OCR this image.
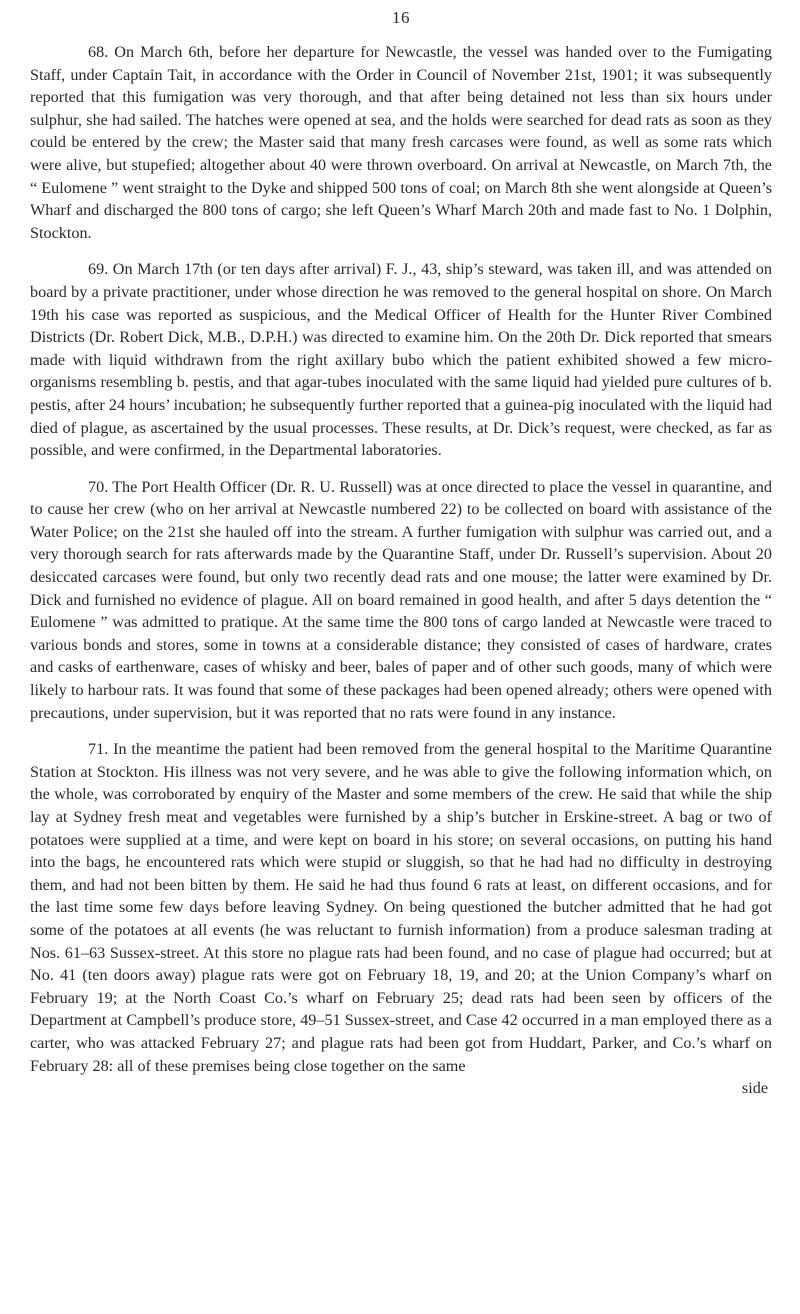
16

68. On March 6th, before her departure for Newcastle, the vessel was handed over to the Fumigating Staff, under Captain Tait, in accordance with the Order in Council of November 21st, 1901; it was subsequently reported that this fumigation was very thorough, and that after being detained not less than six hours under sulphur, she had sailed. The hatches were opened at sea, and the holds were searched for dead rats as soon as they could be entered by the crew; the Master said that many fresh carcases were found, as well as some rats which were alive, but stupefied; altogether about 40 were thrown overboard. On arrival at Newcastle, on March 7th, the “ Eulomene ” went straight to the Dyke and shipped 500 tons of coal; on March 8th she went alongside at Queen’s Wharf and discharged the 800 tons of cargo; she left Queen’s Wharf March 20th and made fast to No. 1 Dolphin, Stockton.

69. On March 17th (or ten days after arrival) F. J., 43, ship’s steward, was taken ill, and was attended on board by a private practitioner, under whose direction he was removed to the general hospital on shore. On March 19th his case was reported as suspicious, and the Medical Officer of Health for the Hunter River Combined Districts (Dr. Robert Dick, M.B., D.P.H.) was directed to examine him. On the 20th Dr. Dick reported that smears made with liquid withdrawn from the right axillary bubo which the patient exhibited showed a few micro-organisms resembling b. pestis, and that agar-tubes inoculated with the same liquid had yielded pure cultures of b. pestis, after 24 hours’ incubation; he subsequently further reported that a guinea-pig inoculated with the liquid had died of plague, as ascertained by the usual processes. These results, at Dr. Dick’s request, were checked, as far as possible, and were confirmed, in the Departmental laboratories.

70. The Port Health Officer (Dr. R. U. Russell) was at once directed to place the vessel in quarantine, and to cause her crew (who on her arrival at Newcastle numbered 22) to be collected on board with assistance of the Water Police; on the 21st she hauled off into the stream. A further fumigation with sulphur was carried out, and a very thorough search for rats afterwards made by the Quarantine Staff, under Dr. Russell’s supervision. About 20 desiccated carcases were found, but only two recently dead rats and one mouse; the latter were examined by Dr. Dick and furnished no evidence of plague. All on board remained in good health, and after 5 days detention the “ Eulomene ” was admitted to pratique. At the same time the 800 tons of cargo landed at Newcastle were traced to various bonds and stores, some in towns at a considerable distance; they consisted of cases of hardware, crates and casks of earthenware, cases of whisky and beer, bales of paper and of other such goods, many of which were likely to harbour rats. It was found that some of these packages had been opened already; others were opened with precautions, under supervision, but it was reported that no rats were found in any instance.

71. In the meantime the patient had been removed from the general hospital to the Maritime Quarantine Station at Stockton. His illness was not very severe, and he was able to give the following information which, on the whole, was corroborated by enquiry of the Master and some members of the crew. He said that while the ship lay at Sydney fresh meat and vegetables were furnished by a ship’s butcher in Erskine-street. A bag or two of potatoes were supplied at a time, and were kept on board in his store; on several occasions, on putting his hand into the bags, he encountered rats which were stupid or sluggish, so that he had had no difficulty in destroying them, and had not been bitten by them. He said he had thus found 6 rats at least, on different occasions, and for the last time some few days before leaving Sydney. On being questioned the butcher admitted that he had got some of the potatoes at all events (he was reluctant to furnish information) from a produce salesman trading at Nos. 61–63 Sussex-street. At this store no plague rats had been found, and no case of plague had occurred; but at No. 41 (ten doors away) plague rats were got on February 18, 19, and 20; at the Union Company’s wharf on February 19; at the North Coast Co.’s wharf on February 25; dead rats had been seen by officers of the Department at Campbell’s produce store, 49–51 Sussex-street, and Case 42 occurred in a man employed there as a carter, who was attacked February 27; and plague rats had been got from Huddart, Parker, and Co.’s wharf on February 28: all of these premises being close together on the same

side
